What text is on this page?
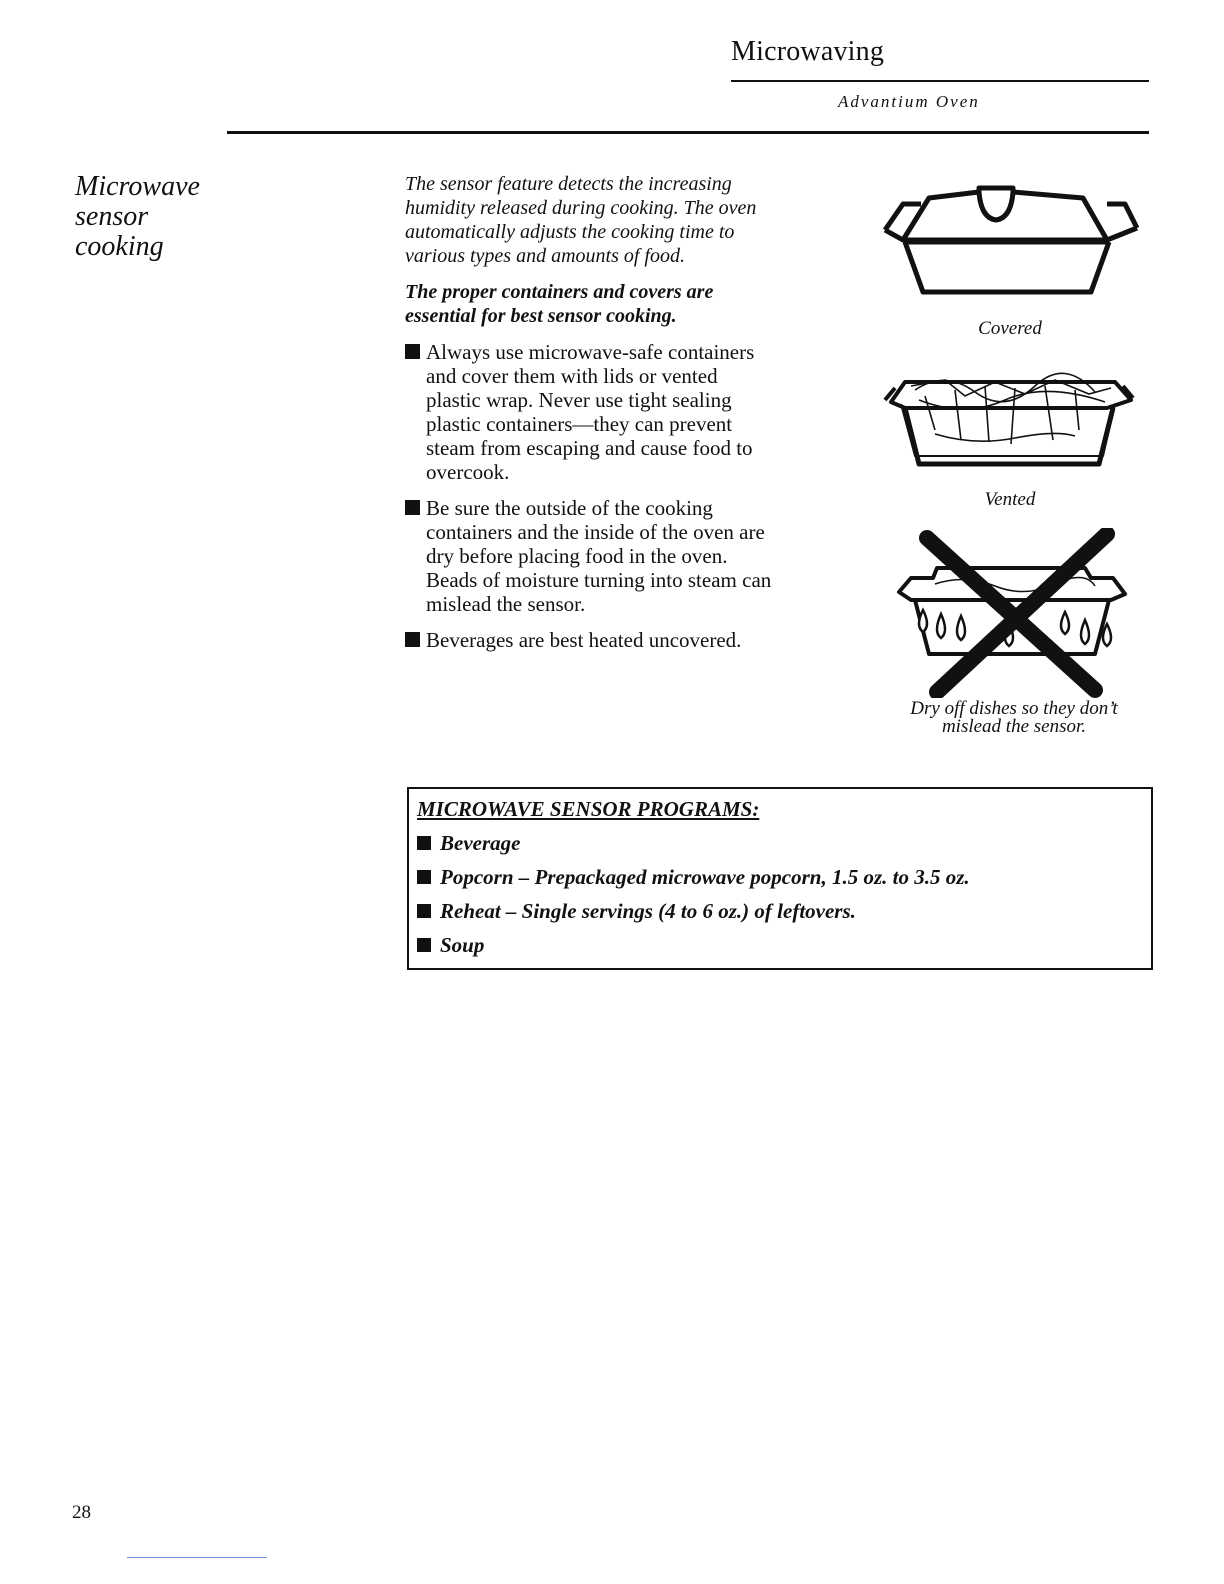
Microwaving
Advantium Oven
Microwave
sensor
cooking
The sensor feature detects the increasing humidity released during cooking. The oven automatically adjusts the cooking time to various types and amounts of food.
The proper containers and covers are essential for best sensor cooking.
Always use microwave-safe containers and cover them with lids or vented plastic wrap. Never use tight sealing plastic containers—they can prevent steam from escaping and cause food to overcook.
Be sure the outside of the cooking containers and the inside of the oven are dry before placing food in the oven. Beads of moisture turning into steam can mislead the sensor.
Beverages are best heated uncovered.
Covered
Vented
Dry off dishes so they don’t mislead the sensor.
MICROWAVE SENSOR PROGRAMS:
Beverage
Popcorn – Prepackaged microwave popcorn, 1.5 oz. to 3.5 oz.
Reheat – Single servings (4 to 6 oz.) of leftovers.
Soup
28
